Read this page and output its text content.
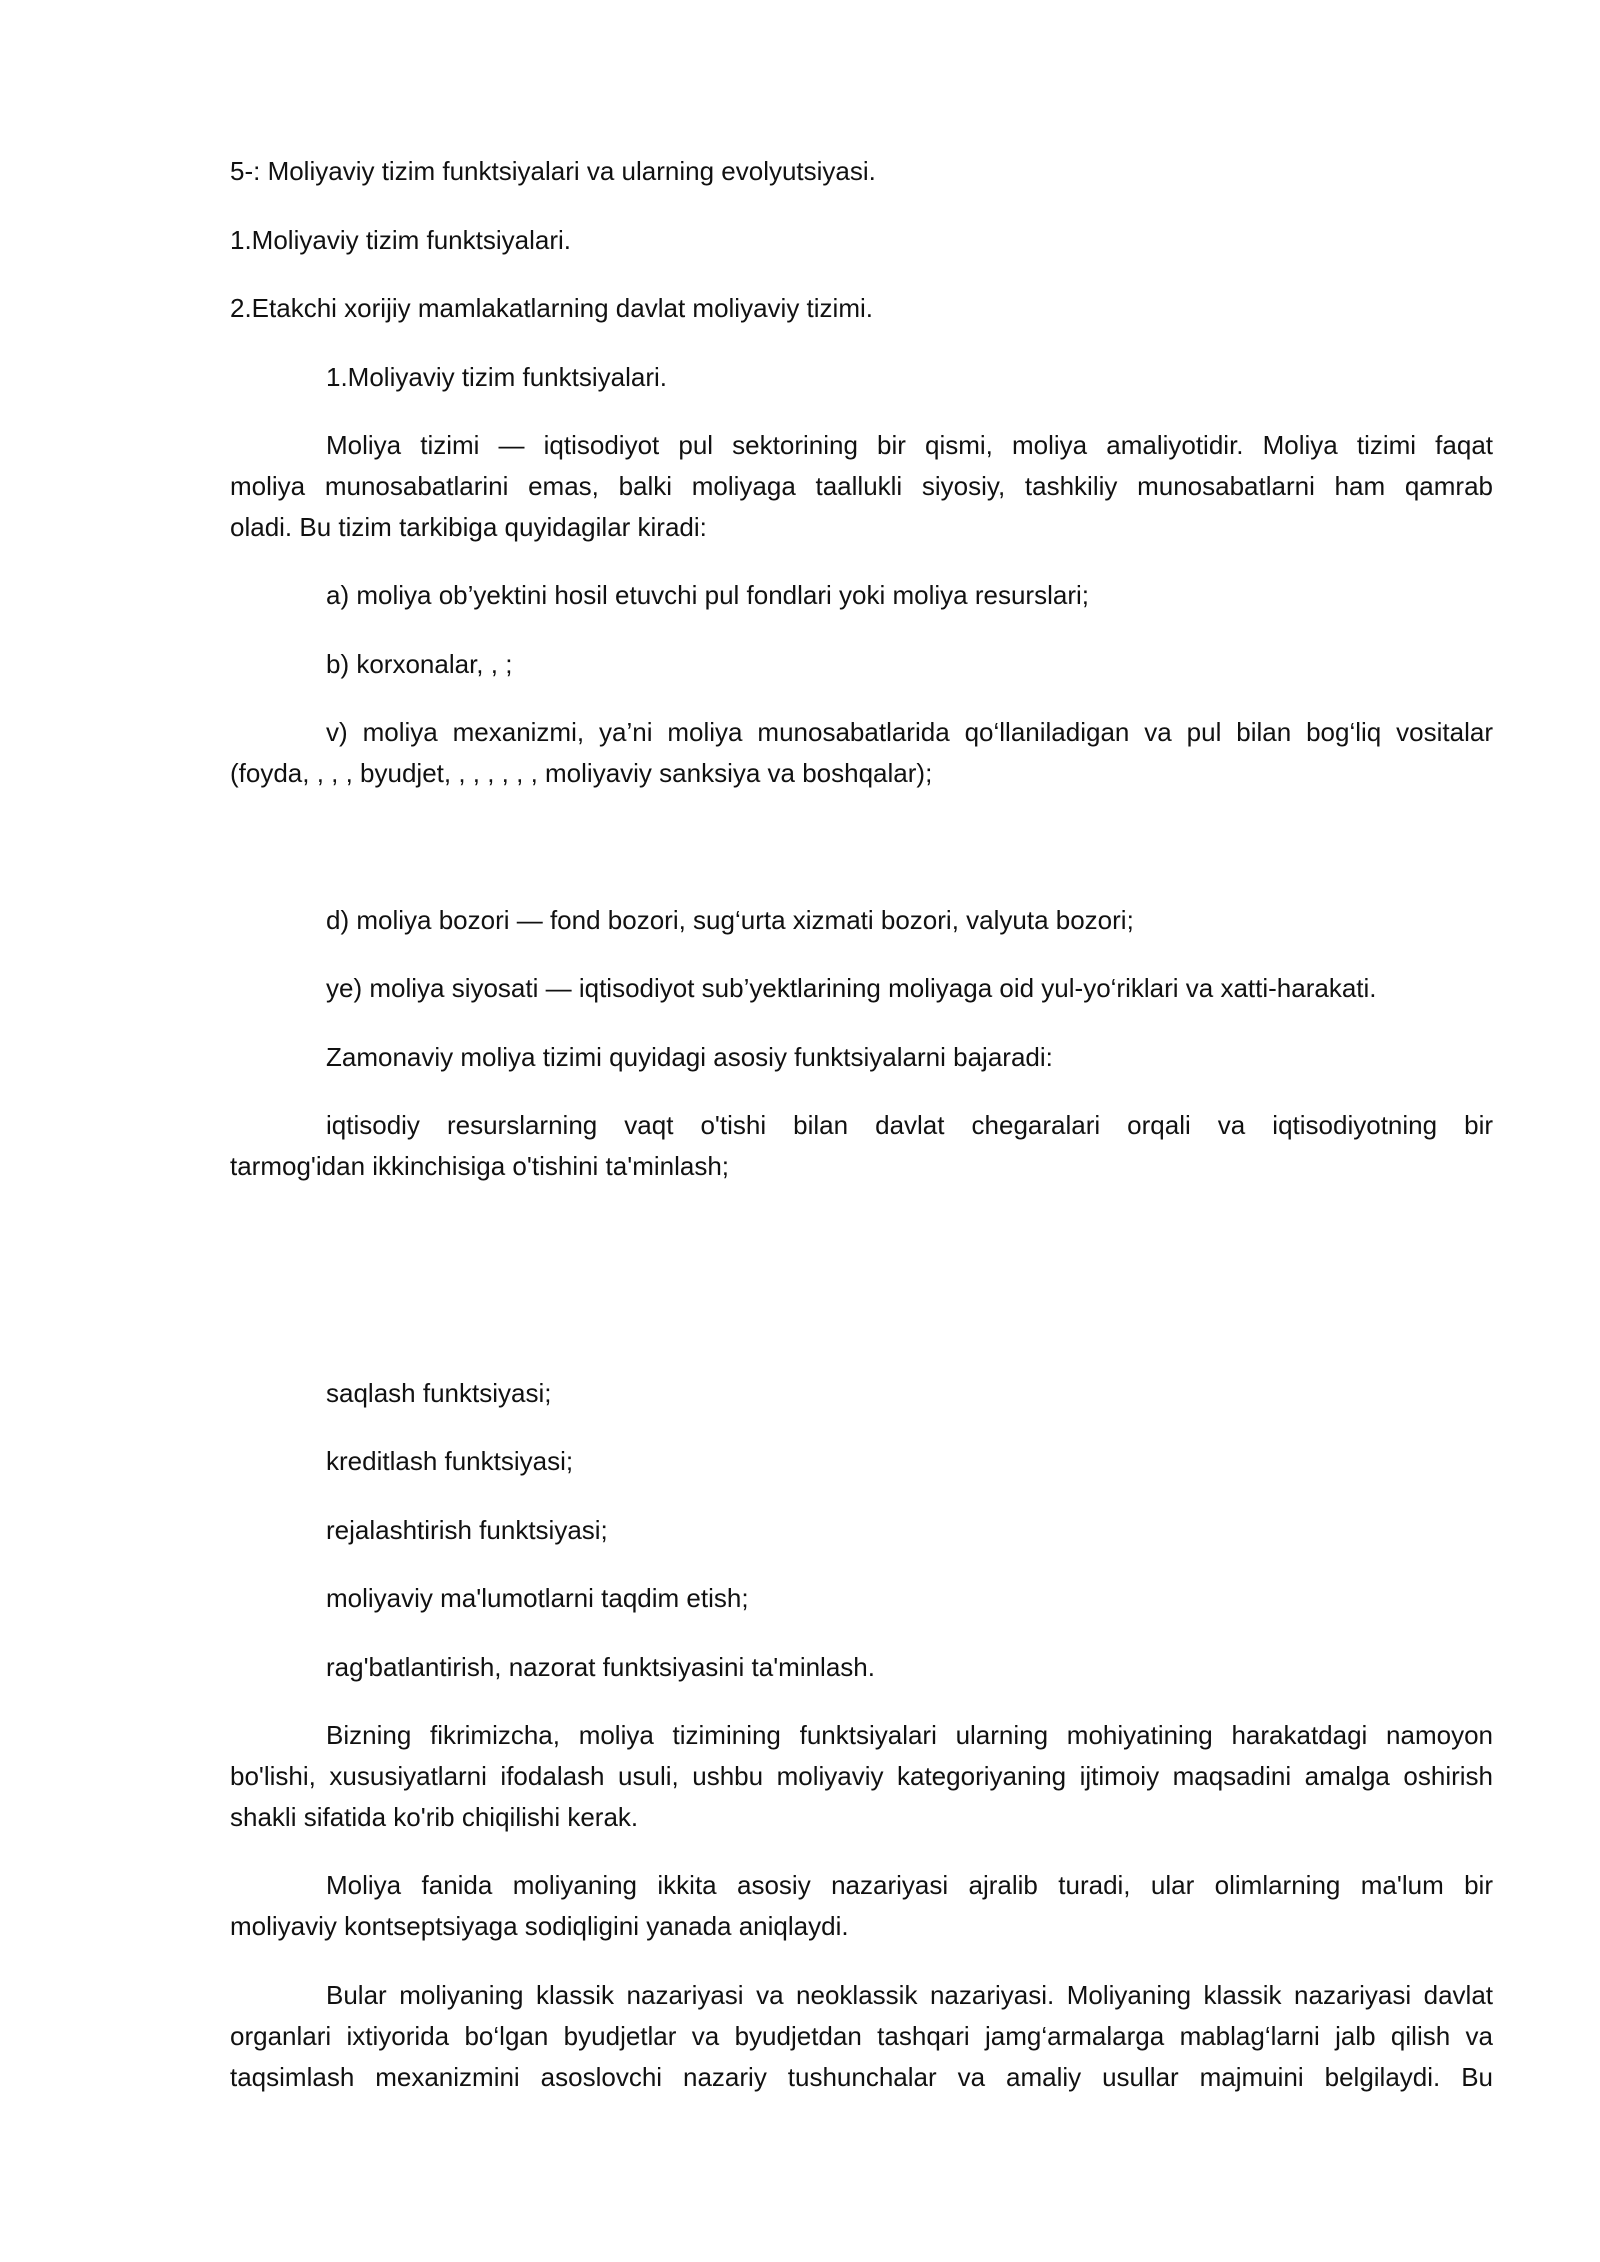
5-: Moliyaviy tizim funktsiyalari va ularning evolyutsiyasi.
1.Moliyaviy tizim funktsiyalari.
2.Etakchi xorijiy mamlakatlarning davlat moliyaviy tizimi.
1.Moliyaviy tizim funktsiyalari.
Moliya tizimi — iqtisodiyot pul sektorining bir qismi, moliya amaliyotidir. Moliya tizimi faqat
moliya munosabatlarini emas, balki moliyaga taallukli siyosiy, tashkiliy munosabatlarni ham qamrab
oladi. Bu tizim tarkibiga quyidagilar kiradi:
a) moliya ob’yektini hosil etuvchi pul fondlari yoki moliya resurslari;
b) korxonalar, , ;
v) moliya mexanizmi, ya’ni moliya munosabatlarida qo‘llaniladigan va pul bilan bog‘liq vositalar
(foyda, , , , byudjet, , , , , , , moliyaviy sanksiya va boshqalar);
d) moliya bozori — fond bozori, sug‘urta xizmati bozori, valyuta bozori;
ye) moliya siyosati — iqtisodiyot sub’yektlarining moliyaga oid yul-yo‘riklari va xatti-harakati.
Zamonaviy moliya tizimi quyidagi asosiy funktsiyalarni bajaradi:
iqtisodiy resurslarning vaqt o'tishi bilan davlat chegaralari orqali va iqtisodiyotning bir
tarmog'idan ikkinchisiga o'tishini ta'minlash;
saqlash funktsiyasi;
kreditlash funktsiyasi;
rejalashtirish funktsiyasi;
moliyaviy ma'lumotlarni taqdim etish;
rag'batlantirish, nazorat funktsiyasini ta'minlash.
Bizning fikrimizcha, moliya tizimining funktsiyalari ularning mohiyatining harakatdagi namoyon
bo'lishi, xususiyatlarni ifodalash usuli, ushbu moliyaviy kategoriyaning ijtimoiy maqsadini amalga oshirish
shakli sifatida ko'rib chiqilishi kerak.
Moliya fanida moliyaning ikkita asosiy nazariyasi ajralib turadi, ular olimlarning ma'lum bir
moliyaviy kontseptsiyaga sodiqligini yanada aniqlaydi.
Bular moliyaning klassik nazariyasi va neoklassik nazariyasi. Moliyaning klassik nazariyasi davlat
organlari ixtiyorida bo‘lgan byudjetlar va byudjetdan tashqari jamg‘armalarga mablag‘larni jalb qilish va
taqsimlash mexanizmini asoslovchi nazariy tushunchalar va amaliy usullar majmuini belgilaydi. Bu
